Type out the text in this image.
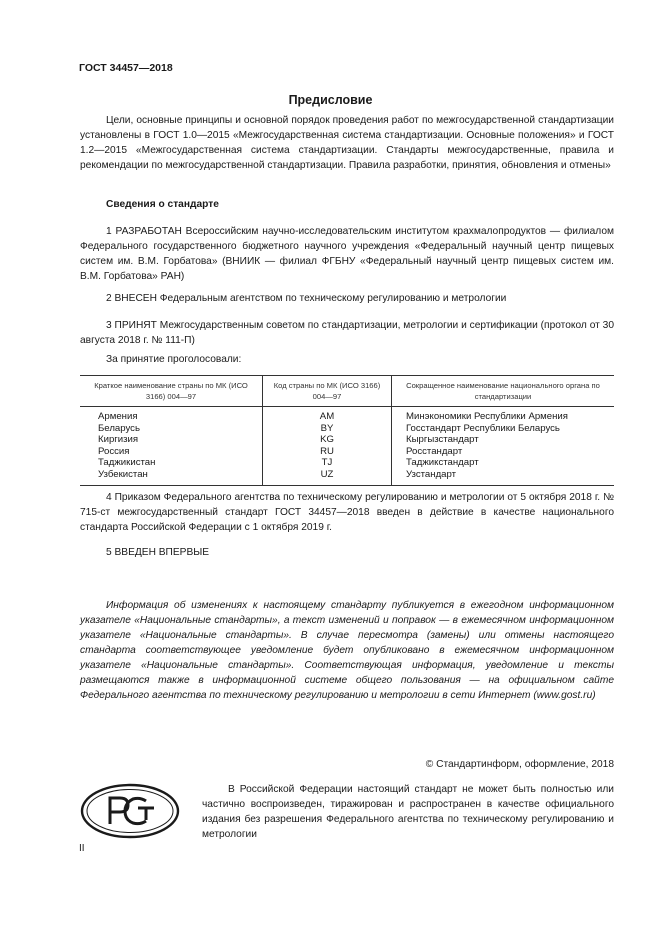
ГОСТ 34457—2018
Предисловие
Цели, основные принципы и основной порядок проведения работ по межгосударственной стандартизации установлены в ГОСТ 1.0—2015 «Межгосударственная система стандартизации. Основные положения» и ГОСТ 1.2—2015 «Межгосударственная система стандартизации. Стандарты межгосударственные, правила и рекомендации по межгосударственной стандартизации. Правила разработки, принятия, обновления и отмены»
Сведения о стандарте
1 РАЗРАБОТАН Всероссийским научно-исследовательским институтом крахмалопродуктов — филиалом Федерального государственного бюджетного научного учреждения «Федеральный научный центр пищевых систем им. В.М. Горбатова» (ВНИИК — филиал ФГБНУ «Федеральный научный центр пищевых систем им. В.М. Горбатова» РАН)
2 ВНЕСЕН Федеральным агентством по техническому регулированию и метрологии
3 ПРИНЯТ Межгосударственным советом по стандартизации, метрологии и сертификации (протокол от 30 августа 2018 г. № 111-П)
За принятие проголосовали:
Краткое наименование страны по МК (ИСО 3166) 004—97	Код страны по МК (ИСО 3166) 004—97	Сокращенное наименование национального органа по стандартизации
Армения	AM	Минэкономики Республики Армения
Беларусь	BY	Госстандарт Республики Беларусь
Киргизия	KG	Кыргызстандарт
Россия	RU	Росстандарт
Таджикистан	TJ	Таджикстандарт
Узбекистан	UZ	Узстандарт
4 Приказом Федерального агентства по техническому регулированию и метрологии от 5 октября 2018 г. № 715-ст межгосударственный стандарт ГОСТ 34457—2018 введен в действие в качестве национального стандарта Российской Федерации с 1 октября 2019 г.
5 ВВЕДЕН ВПЕРВЫЕ
Информация об изменениях к настоящему стандарту публикуется в ежегодном информационном указателе «Национальные стандарты», а текст изменений и поправок — в ежемесячном информационном указателе «Национальные стандарты». В случае пересмотра (замены) или отмены настоящего стандарта соответствующее уведомление будет опубликовано в ежемесячном информационном указателе «Национальные стандарты». Соответствующая информация, уведомление и тексты размещаются также в информационной системе общего пользования — на официальном сайте Федерального агентства по техническому регулированию и метрологии в сети Интернет (www.gost.ru)
© Стандартинформ, оформление, 2018
В Российской Федерации настоящий стандарт не может быть полностью или частично воспроизведен, тиражирован и распространен в качестве официального издания без разрешения Федерального агентства по техническому регулированию и метрологии
II
